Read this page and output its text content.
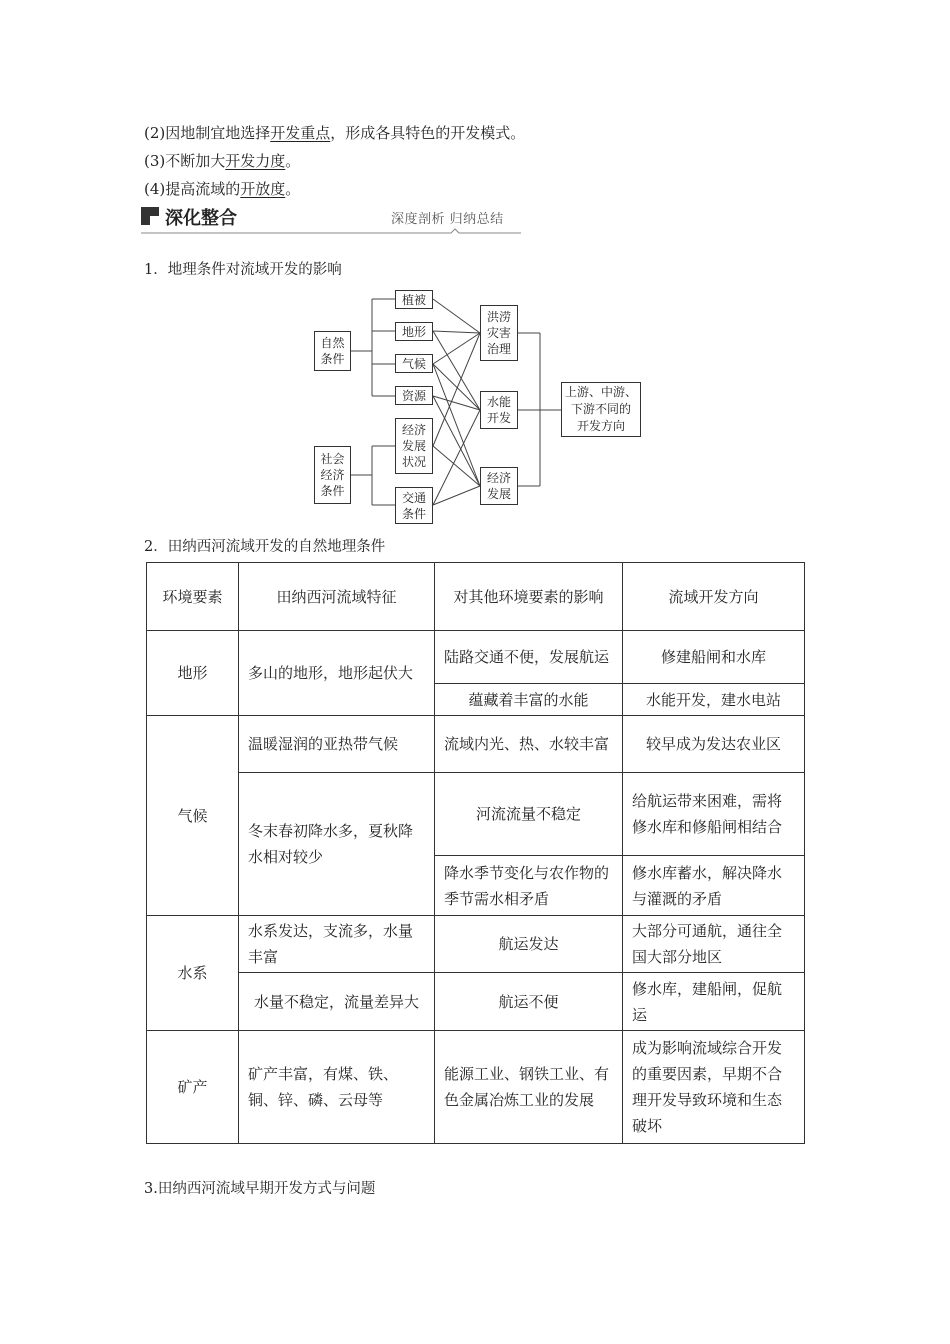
(2)因地制宜地选择开发重点，形成各具特色的开发模式。
(3)不断加大开发力度。
(4)提高流域的开放度。
深化整合	深度剖析 归纳总结
1．地理条件对流域开发的影响
自然
条件
社会
经济
条件
植被
地形
气候
资源
经济
发展
状况
交通
条件
洪涝
灾害
治理
水能
开发
经济
发展
上游、中游、
下游不同的
开发方向
2．田纳西河流域开发的自然地理条件
环境要素	田纳西河流域特征	对其他环境要素的影响	流域开发方向
地形	多山的地形，地形起伏大	陆路交通不便，发展航运	修建船闸和水库
		蕴藏着丰富的水能	水能开发，建水电站
气候	温暖湿润的亚热带气候	流域内光、热、水较丰富	较早成为发达农业区
	冬末春初降水多，夏秋降水相对较少	河流流量不稳定	给航运带来困难，需将修水库和修船闸相结合
		降水季节变化与农作物的季节需水相矛盾	修水库蓄水，解决降水与灌溉的矛盾
水系	水系发达，支流多，水量丰富	航运发达	大部分可通航，通往全国大部分地区
	水量不稳定，流量差异大	航运不便	修水库，建船闸，促航运
矿产	矿产丰富，有煤、铁、铜、锌、磷、云母等	能源工业、钢铁工业、有色金属冶炼工业的发展	成为影响流域综合开发的重要因素，早期不合理开发导致环境和生态破坏
3.田纳西河流域早期开发方式与问题
